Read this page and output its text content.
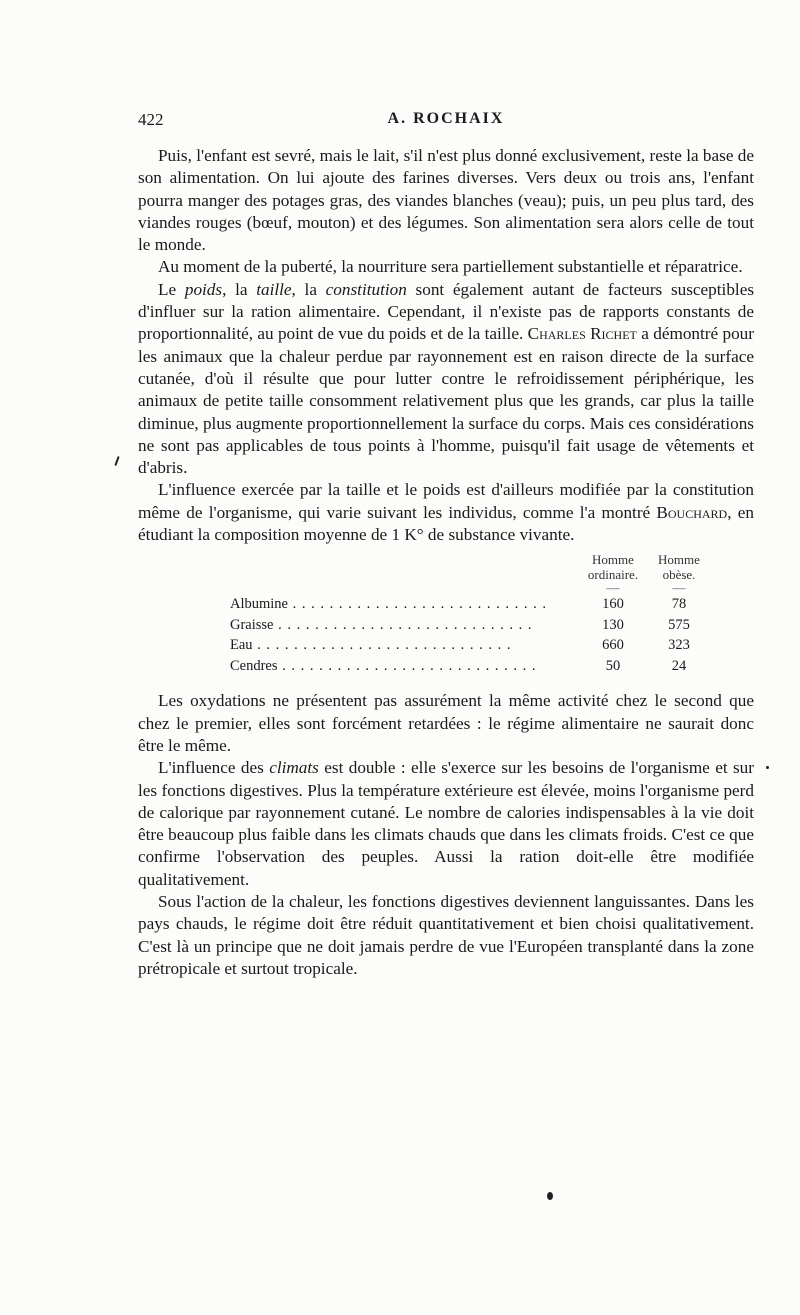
422	A. ROCHAIX

Puis, l'enfant est sevré, mais le lait, s'il n'est plus donné exclusivement, reste la base de son alimentation. On lui ajoute des farines diverses. Vers deux ou trois ans, l'enfant pourra manger des potages gras, des viandes blanches (veau); puis, un peu plus tard, des viandes rouges (bœuf, mouton) et des légumes. Son alimentation sera alors celle de tout le monde.

Au moment de la puberté, la nourriture sera partiellement substantielle et réparatrice.

Le poids, la taille, la constitution sont également autant de facteurs susceptibles d'influer sur la ration alimentaire. Cependant, il n'existe pas de rapports constants de proportionnalité, au point de vue du poids et de la taille. Charles Richet a démontré pour les animaux que la chaleur perdue par rayonnement est en raison directe de la surface cutanée, d'où il résulte que pour lutter contre le refroidissement périphérique, les animaux de petite taille consomment relativement plus que les grands, car plus la taille diminue, plus augmente proportionnellement la surface du corps. Mais ces considérations ne sont pas applicables de tous points à l'homme, puisqu'il fait usage de vêtements et d'abris.

L'influence exercée par la taille et le poids est d'ailleurs modifiée par la constitution même de l'organisme, qui varie suivant les individus, comme l'a montré Bouchard, en étudiant la composition moyenne de 1 K° de substance vivante.

Homme	Homme
ordinaire.	obèse.
—	—
Albumine . . .	160	78
Graisse . . .	130	575
Eau . . .	660	323
Cendres . . .	50	24

Les oxydations ne présentent pas assurément la même activité chez le second que chez le premier, elles sont forcément retardées : le régime alimentaire ne saurait donc être le même.

L'influence des climats est double : elle s'exerce sur les besoins de l'organisme et sur les fonctions digestives. Plus la température extérieure est élevée, moins l'organisme perd de calorique par rayonnement cutané. Le nombre de calories indispensables à la vie doit être beaucoup plus faible dans les climats chauds que dans les climats froids. C'est ce que confirme l'observation des peuples. Aussi la ration doit-elle être modifiée qualitativement.

Sous l'action de la chaleur, les fonctions digestives deviennent languissantes. Dans les pays chauds, le régime doit être réduit quantitativement et bien choisi qualitativement. C'est là un principe que ne doit jamais perdre de vue l'Européen transplanté dans la zone prétropicale et surtout tropicale.
